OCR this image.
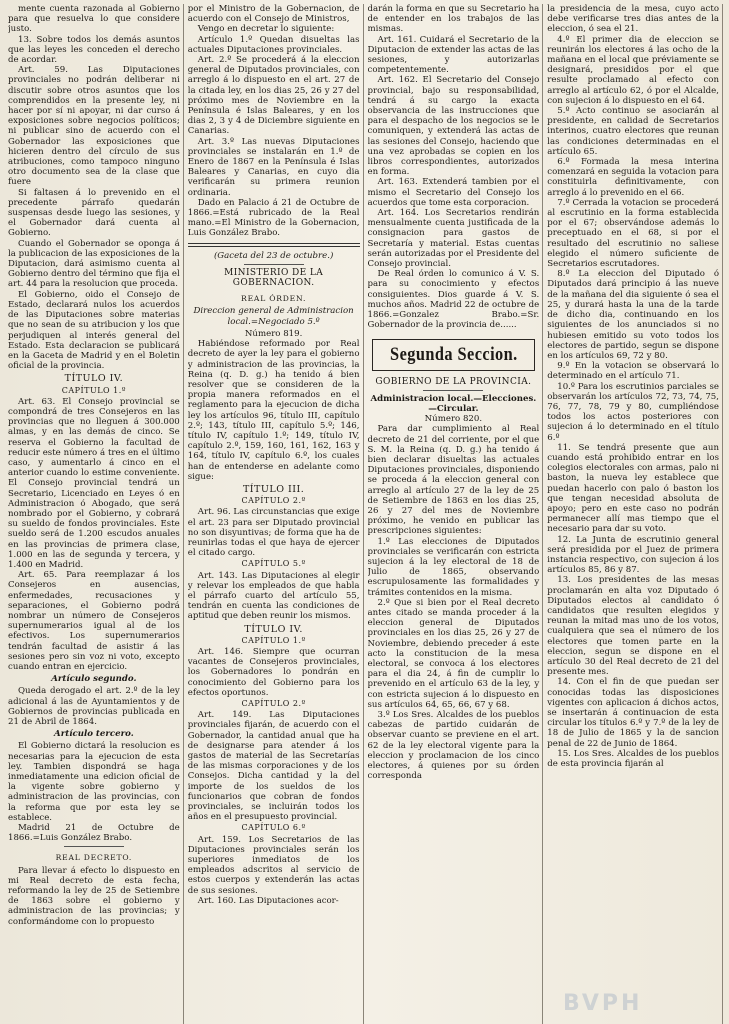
mente cuenta razonada al Gobierno para que resuelva lo que considere justo.

13. Sobre todos los demás asuntos que las leyes les conceden el derecho de acordar.

Art. 59. Las Diputaciones provinciales no podrán deliberar ni discutir sobre otros asuntos que los comprendidos en la presente ley, ni hacer por sí ni apoyar, ni dar curso á exposiciones sobre negocios políticos; ni publicar sino de acuerdo con el Gobernador las exposiciones que hicieren dentro del círculo de sus atribuciones, como tampoco ninguno otro documento sea de la clase que fuere

Si faltasen á lo prevenido en el precedente párrafo quedarán suspensas desde luego las sesiones, y el Gobernador dará cuenta al Gobierno.

Cuando el Gobernador se oponga á la publicacion de las exposiciones de la Diputacion, dará asimismo cuenta al Gobierno dentro del término que fija el art. 44 para la resolucion que proceda.

El Gobierno, oido el Consejo de Estado, declarará nulos los acuerdos de las Diputaciones sobre materias que no sean de su atribucion y los que perjudiquen al interés general del Estado. Esta declaracion se publicará en la Gaceta de Madrid y en el Boletin oficial de la provincia.

TÍTULO IV.

CAPÍTULO 1.º

Art. 63. El Consejo provincial se compondrá de tres Consejeros en las provincias que no lleguen á 300.000 almas, y en las demás de cinco. Se reserva el Gobierno la facultad de reducir este número á tres en el último caso, y aumentarlo á cinco en el anterior cuando lo estime conveniente. El Consejo provincial tendrá un Secretario, Licenciado en Leyes ó en Administracion ó Abogado, que será nombrado por el Gobierno, y cobrará su sueldo de fondos provinciales. Este sueldo será de 1.200 escudos anuales en las provincias de primera clase, 1.000 en las de segunda y tercera, y 1.400 en Madrid.

Art. 65. Para reemplazar á los Consejeros en ausencias, enfermedades, recusaciones y separaciones, el Gobierno podrá nombrar un número de Consejeros supernumerarios igual al de los efectivos. Los supernumerarios tendrán facultad de asistir á las sesiones pero sin voz ni voto, excepto cuando entran en ejercicio.

Artículo segundo.

Queda derogado el art. 2.º de la ley adicional á las de Ayuntamientos y de Gobiernos de provincias publicada en 21 de Abril de 1864.

Artículo tercero.

El Gobierno dictará la resolucion es necesarias para la ejecucion de esta ley. Tambien dispondrá se haga inmediatamente una edicion oficial de la vigente sobre gobierno y administracion de las provincias, con la reforma que por esta ley se establece.

Madrid 21 de Octubre de 1866.=Luis González Brabo.

REAL DECRETO.

Para llevar á efecto lo dispuesto en mi Real decreto de esta fecha, reformando la ley de 25 de Setiembre de 1863 sobre el gobierno y administracion de las provincias; y conformándome con lo propuesto

por el Ministro de la Gobernacion, de acuerdo con el Consejo de Ministros,

Vengo en decretar lo siguiente:

Artículo 1.º Quedan disueltas las actuales Diputaciones provinciales.

Art. 2.º Se procederá á la eleccion general de Diputados provinciales, con arreglo á lo dispuesto en el art. 27 de la citada ley, en los dias 25, 26 y 27 del próximo mes de Noviembre en la Península é Islas Baleares, y en los dias 2, 3 y 4 de Diciembre siguiente en Canarias.

Art. 3.º Las nuevas Diputaciones provinciales se instalarán en 1.º de Enero de 1867 en la Península é Islas Baleares y Canarias, en cuyo dia verificarán su primera reunion ordinaria.

Dado en Palacio á 21 de Octubre de 1866.=Está rubricado de la Real mano.=El Ministro de la Gobernacion, Luis González Brabo.

(Gaceta del 23 de octubre.)

MINISTERIO DE LA GOBERNACION.

REAL ÓRDEN.

Direccion general de Administracion local.=Negociado 5.º

Número 819.

Habiéndose reformado por Real decreto de ayer la ley para el gobierno y administracion de las provincias, la Reina (q. D. g.) ha tenido á bien resolver que se consideren de la propia manera reformados en el reglamento para la ejecucion de dicha ley los artículos 96, título III, capítulo 2.º; 143, título III, capítulo 5.º; 146, título IV, capítulo 1.º; 149, título IV, capítulo 2.º, 159, 160, 161, 162, 163 y 164, título IV, capítulo 6.º, los cuales han de entenderse en adelante como sigue:

TÍTULO III.

CAPÍTULO 2.º

Art. 96. Las circunstancias que exige el art. 23 para ser Diputado provincial no son disyuntivas; de forma que ha de reunirlas todas el que haya de ejercer el citado cargo.

CAPÍTULO 5.º

Art. 143. Las Diputaciones al elegir y relevar los empleados de que habla el párrafo cuarto del artículo 55, tendrán en cuenta las condiciones de aptitud que deben reunir los mismos.

TÍTULO IV.

CAPÍTULO 1.º

Art. 146. Siempre que ocurran vacantes de Consejeros provinciales, los Gobernadores lo pondrán en conocimiento del Gobierno para los efectos oportunos.

CAPÍTULO 2.º

Art. 149. Las Diputaciones provinciales fijarán, de acuerdo con el Gobernador, la cantidad anual que ha de designarse para atender á los gastos de material de las Secretarías de las mismas corporaciones y de los Consejos. Dicha cantidad y la del importe de los sueldos de los funcionarios que cobran de fondos provinciales, se incluirán todos los años en el presupuesto provincial.

CAPÍTULO 6.º

Art. 159. Los Secretarios de las Diputaciones provinciales serán los superiores inmediatos de los empleados adscritos al servicio de estos cuerpos y extenderán las actas de sus sesiones.

Art. 160. Las Diputaciones acor-

darán la forma en que su Secretario ha de entender en los trabajos de las mismas.

Art. 161. Cuidará el Secretario de la Diputacion de extender las actas de las sesiones, y autorizarlas competentemente.

Art. 162. El Secretario del Consejo provincial, bajo su responsabilidad, tendrá á su cargo la exacta observancia de las instrucciones que para el despacho de los negocios se le comuniquen, y extenderá las actas de las sesiones del Consejo, haciendo que una vez aprobadas se copien en los libros correspondientes, autorizados en forma.

Art. 163. Extenderá tambien por el mismo el Secretario del Consejo los acuerdos que tome esta corporacion.

Art. 164. Los Secretarios rendirán mensualmente cuenta justificada de la consignacion para gastos de Secretaría y material. Estas cuentas serán autorizadas por el Presidente del Consejo provincial.

De Real órden lo comunico á V. S. para su conocimiento y efectos consiguientes. Dios guarde á V. S. muchos años. Madrid 22 de octubre de 1866.=Gonzalez Brabo.=Sr. Gobernador de la provincia de......

Segunda Seccion.

GOBIERNO DE LA PROVINCIA.

Administracion local.—Elecciones.—Circular.

Número 820.

Para dar cumplimiento al Real decreto de 21 del corriente, por el que S. M. la Reina (q. D. g.) ha tenido á bien declarar disueltas las actuales Diputaciones provinciales, disponiendo se proceda á la eleccion general con arreglo al artículo 27 de la ley de 25 de Setiembre de 1863 en los dias 25, 26 y 27 del mes de Noviembre próximo, he venido en publicar las prescripciones siguientes:

1.º Las elecciones de Diputados provinciales se verificarán con estricta sujecion á la ley electoral de 18 de Julio de 1865, observando escrupulosamente las formalidades y trámites contenidos en la misma.

2.º Que si bien por el Real decreto antes citado se manda proceder á la eleccion general de Diputados provinciales en los dias 25, 26 y 27 de Noviembre, debiendo preceder á este acto la constitucion de la mesa electoral, se convoca á los electores para el dia 24, á fin de cumplir lo prevenido en el artículo 63 de la ley, y con estricta sujecion á lo dispuesto en sus artículos 64, 65, 66, 67 y 68.

3.º Los Sres. Alcaldes de los pueblos cabezas de partido cuidarán de observar cuanto se previene en el art. 62 de la ley electoral vigente para la eleccion y proclamacion de los cinco electores, á quienes por su órden corresponda

la presidencia de la mesa, cuyo acto debe verificarse tres dias antes de la eleccion, ó sea el 21.

4.º El primer dia de eleccion se reunirán los electores á las ocho de la mañana en el local que préviamente se designará, presididos por el que resulte proclamado al efecto con arreglo al artículo 62, ó por el Alcalde, con sujecion á lo dispuesto en el 64.

5.º Acto continuo se asociarán al presidente, en calidad de Secretarios interinos, cuatro electores que reunan las condiciones determinadas en el artículo 65.

6.º Formada la mesa interina comenzará en seguida la votacion para constituirla definitivamente, con arreglo á lo prevenido en el 66.

7.º Cerrada la votacion se procederá al escrutinio en la forma establecida por el 67; observándose además lo preceptuado en el 68, si por el resultado del escrutinio no saliese elegido el número suficiente de Secretarios escrutadores.

8.º La eleccion del Diputado ó Diputados dará principio á las nueve de la mañana del dia siguiente ó sea el 25, y durará hasta la una de la tarde de dicho dia, continuando en los siguientes de los anunciados si no hubiesen emitido su voto todos los electores de partido, segun se dispone en los artículos 69, 72 y 80.

9.º En la votacion se observará lo determinado en el artículo 71.

10.º Para los escrutinios parciales se observarán los artículos 72, 73, 74, 75, 76, 77, 78, 79 y 80, cumpliéndose todos los actos posteriores con sujecion á lo determinado en el título 6.º

11. Se tendrá presente que aun cuando está prohibido entrar en los colegios electorales con armas, palo ni baston, la nueva ley establece que puedan hacerlo con palo ó baston los que tengan necesidad absoluta de apoyo; pero en este caso no podrán permanecer allí mas tiempo que el necesario para dar su voto.

12. La Junta de escrutinio general será presidida por el Juez de primera instancia respectivo, con sujecion á los artículos 85, 86 y 87.

13. Los presidentes de las mesas proclamarán en alta voz Diputado ó Diputados electos al candidato ó candidatos que resulten elegidos y reunan la mitad mas uno de los votos, cualquiera que sea el número de los electores que tomen parte en la eleccion, segun se dispone en el artículo 30 del Real decreto de 21 del presente mes.

14. Con el fin de que puedan ser conocidas todas las disposiciones vigentes con aplicacion á dichos actos, se insertarán á continuacion de esta circular los títulos 6.º y 7.º de la ley de 18 de Julio de 1865 y la de sancion penal de 22 de Junio de 1864.

15. Los Sres. Alcaldes de los pueblos de esta provincia fijarán al

BVPH
